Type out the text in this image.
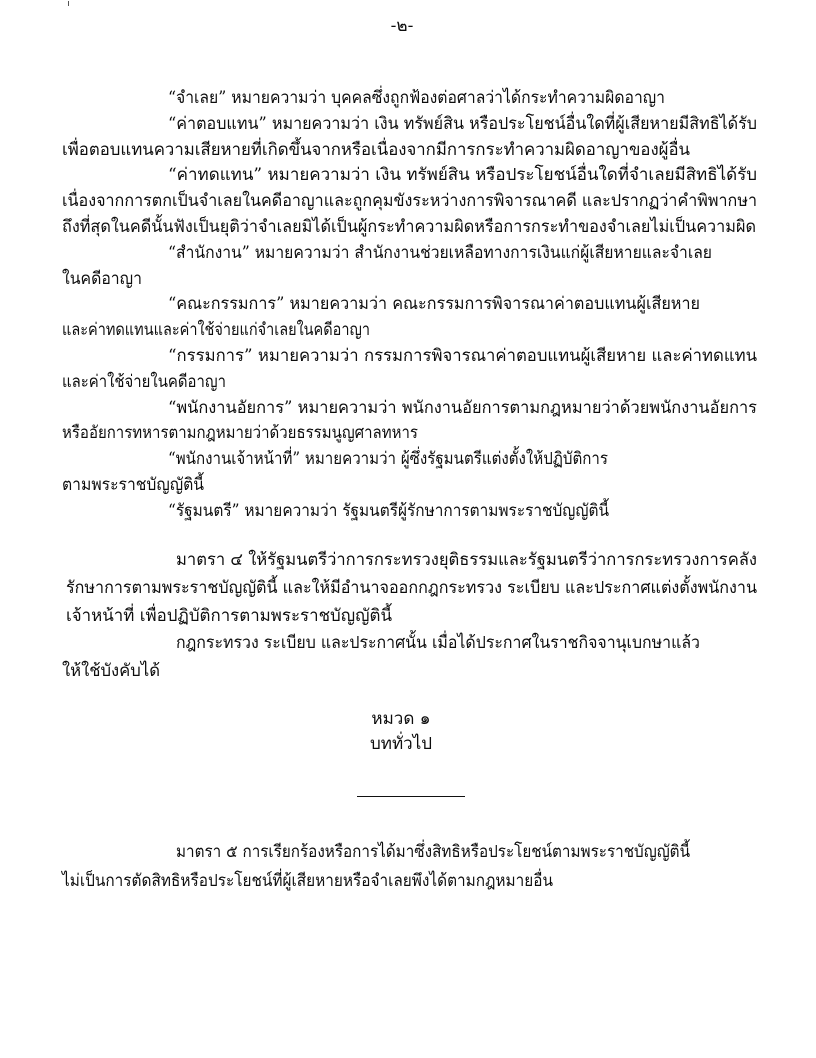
-๒-
“จำเลย” หมายความว่า บุคคลซึ่งถูกฟ้องต่อศาลว่าได้กระทำความผิดอาญา
“ค่าตอบแทน” หมายความว่า เงิน ทรัพย์สิน หรือประโยชน์อื่นใดที่ผู้เสียหายมีสิทธิได้รับ
เพื่อตอบแทนความเสียหายที่เกิดขึ้นจากหรือเนื่องจากมีการกระทำความผิดอาญาของผู้อื่น
“ค่าทดแทน” หมายความว่า เงิน ทรัพย์สิน หรือประโยชน์อื่นใดที่จำเลยมีสิทธิได้รับ
เนื่องจากการตกเป็นจำเลยในคดีอาญาและถูกคุมขังระหว่างการพิจารณาคดี และปรากฏว่าคำพิพากษา
ถึงที่สุดในคดีนั้นฟังเป็นยุติว่าจำเลยมิได้เป็นผู้กระทำความผิดหรือการกระทำของจำเลยไม่เป็นความผิด
“สำนักงาน” หมายความว่า สำนักงานช่วยเหลือทางการเงินแก่ผู้เสียหายและจำเลย
ในคดีอาญา
“คณะกรรมการ” หมายความว่า คณะกรรมการพิจารณาค่าตอบแทนผู้เสียหาย
และค่าทดแทนและค่าใช้จ่ายแก่จำเลยในคดีอาญา
“กรรมการ” หมายความว่า กรรมการพิจารณาค่าตอบแทนผู้เสียหาย และค่าทดแทน
และค่าใช้จ่ายในคดีอาญา
“พนักงานอัยการ” หมายความว่า พนักงานอัยการตามกฎหมายว่าด้วยพนักงานอัยการ
หรืออัยการทหารตามกฎหมายว่าด้วยธรรมนูญศาลทหาร
“พนักงานเจ้าหน้าที่” หมายความว่า ผู้ซึ่งรัฐมนตรีแต่งตั้งให้ปฏิบัติการ
ตามพระราชบัญญัตินี้
“รัฐมนตรี” หมายความว่า รัฐมนตรีผู้รักษาการตามพระราชบัญญัตินี้
มาตรา ๔ ให้รัฐมนตรีว่าการกระทรวงยุติธรรมและรัฐมนตรีว่าการกระทรวงการคลัง
รักษาการตามพระราชบัญญัตินี้ และให้มีอำนาจออกกฎกระทรวง ระเบียบ และประกาศแต่งตั้งพนักงาน
เจ้าหน้าที่ เพื่อปฏิบัติการตามพระราชบัญญัตินี้
กฎกระทรวง ระเบียบ และประกาศนั้น เมื่อได้ประกาศในราชกิจจานุเบกษาแล้ว
ให้ใช้บังคับได้
หมวด ๑
บททั่วไป
มาตรา ๕ การเรียกร้องหรือการได้มาซึ่งสิทธิหรือประโยชน์ตามพระราชบัญญัตินี้
ไม่เป็นการตัดสิทธิหรือประโยชน์ที่ผู้เสียหายหรือจำเลยพึงได้ตามกฎหมายอื่น
